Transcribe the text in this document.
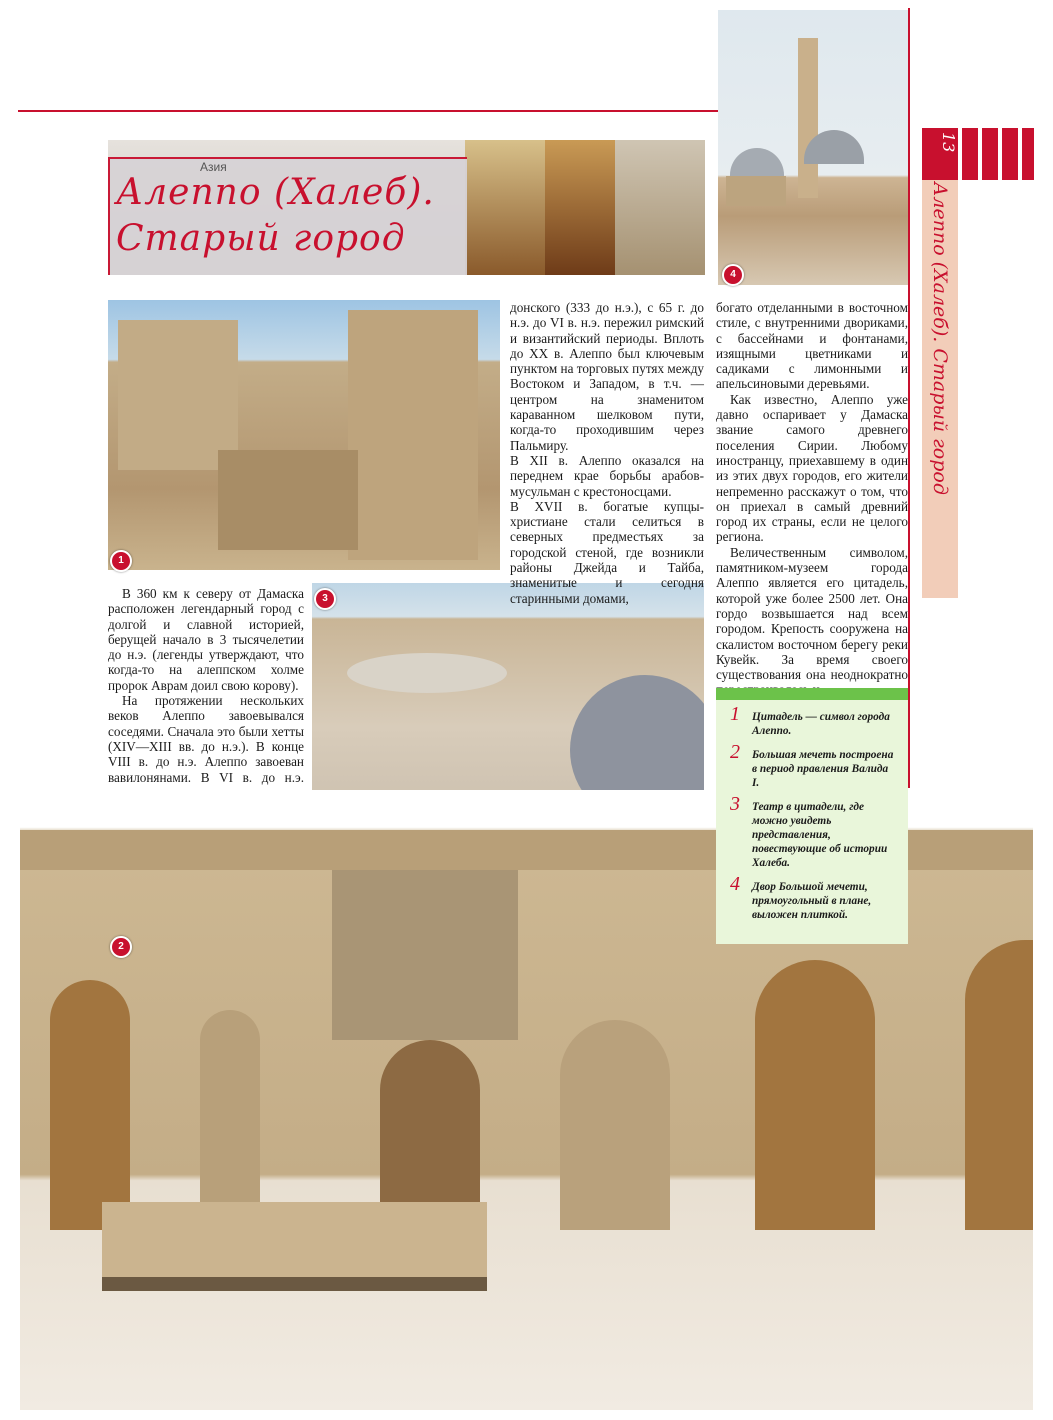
4
Азия
Алеппо (Халеб).
Старый город
1
3

донского (333 до н.э.), с 65 г. до н.э. до VI в. н.э. пережил римский и византийский периоды. Вплоть до XX в. Алеппо был ключевым пунктом на торговых путях между Востоком и Западом, в т.ч. — центром на знаменитом караванном шелковом пути, когда-то проходившим через Пальмиру.

В XII в. Алеппо оказался на переднем крае борьбы арабов-мусульман с крестоносцами.

В XVII в. богатые купцы-христиане стали селиться в северных предместьях за городской стеной, где возникли районы Джейда и Тайба, знаменитые и сегодня старинными домами,

богато отделанными в восточном стиле, с внутренними двориками, с бассейнами и фонтанами, изящными цветниками и садиками с лимонными и апельсиновыми деревьями.

Как известно, Алеппо уже давно оспаривает у Дамаска звание самого древнего поселения Сирии. Любому иностранцу, приехавшему в один из этих двух городов, его жители непременно расскажут о том, что он приехал в самый древний город их страны, если не целого региона.

Величественным символом, памятником-музеем города Алеппо является его цитадель, которой уже более 2500 лет. Она гордо возвышается над всем городом. Крепость сооружена на скалистом восточном берегу реки Кувейк. За время своего существования она неоднократно

В 360 км к северу от Дамаска расположен легендарный город с долгой и славной историей, берущей начало в 3 тысячелетии до н.э. (легенды утверждают, что когда-то на алеппском холме пророк Аврам доил свою корову).

На протяжении нескольких веков Алеппо завоевывался соседями. Сначала это были хетты (XIV—XIII вв. до н.э.). В конце VIII в. до н.э. Алеппо завоеван вавилонянами. В VI в. до н.э.

13
Алеппо (Халеб). Старый город
2
1 Цитадель — символ города Алеппо.
2 Большая мечеть построена в период правления Валида I.
3 Театр в цитадели, где можно увидеть представления, повествующие об истории Халеба.
4 Двор Большой мечети, прямоугольный в плане, выложен плиткой.
